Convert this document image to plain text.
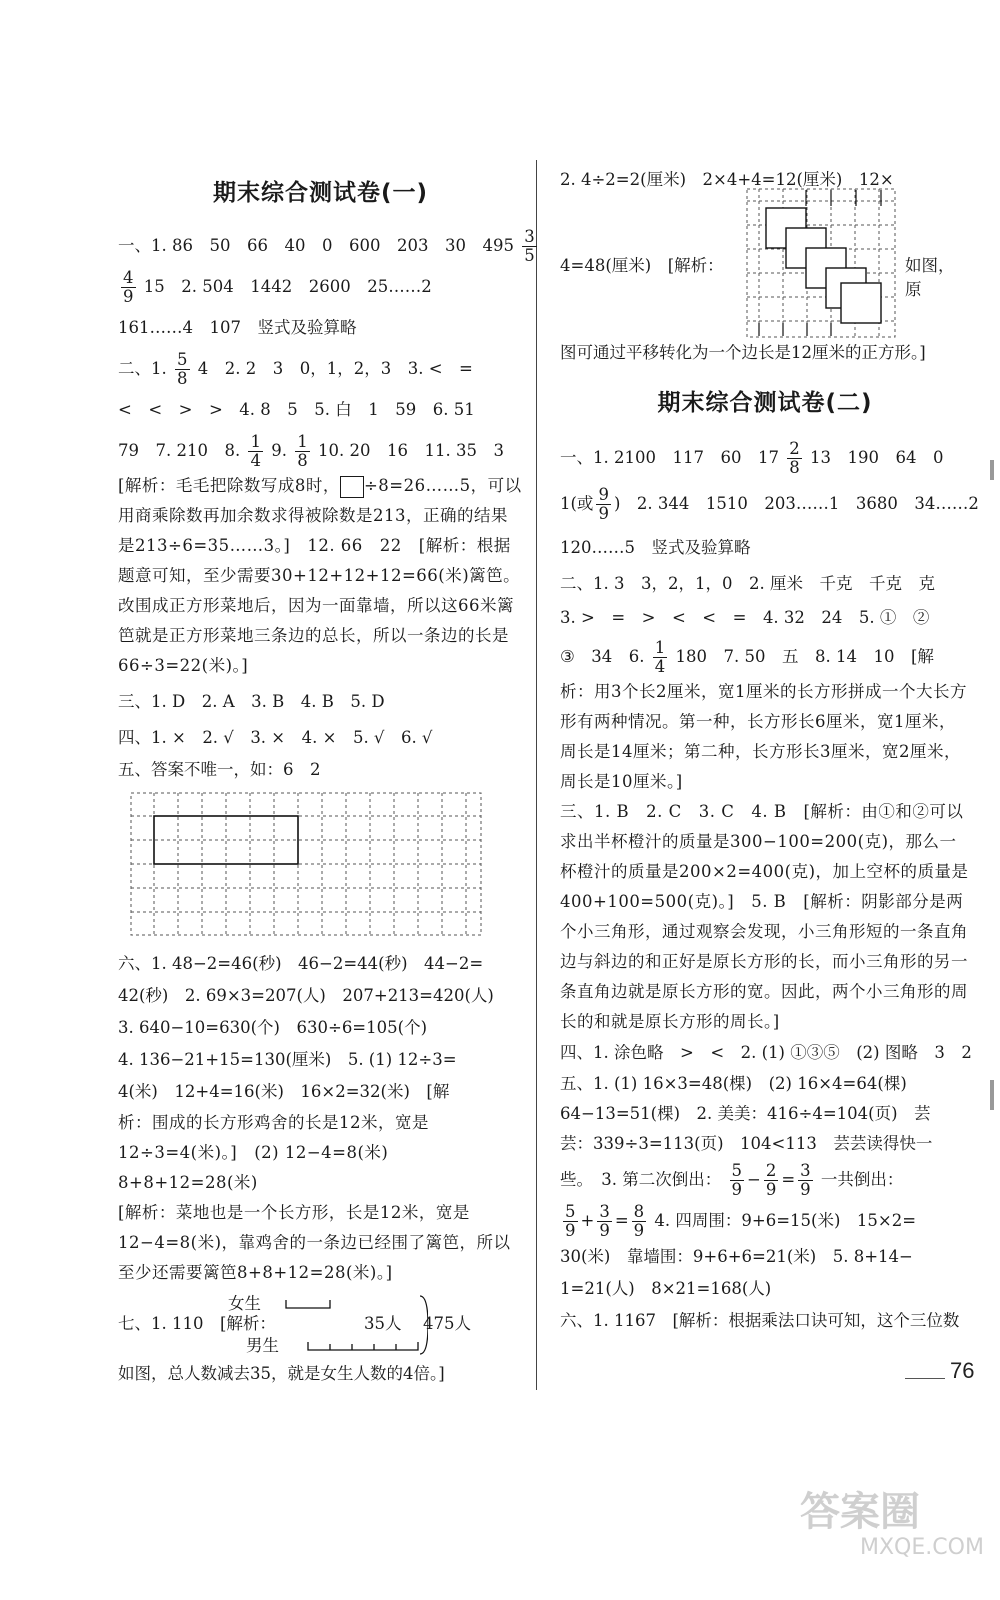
期末综合测试卷(一)
一、1. 86　50　66　40　0　600　203　30　$495 \frac{3}{5}$
$\frac{4}{9} 15$　2. 504　1442　2600　25……2
161……4　107　竖式及验算略
二、1. $\frac{5}{8} 4$　2. 2　3　0，1，2，3　3. <　=
<　<　>　>　4. 8　5　5. 白　1　59　6. 51
79　7. 210　8. $\frac{1}{4} 9$. $\frac{1}{8} 10$. 20　16　11. 35　3
[解析：毛毛把除数写成8时， ÷8=26……5，可以用商乘除数再加余数求得被除数是213，正确的结果是213÷6=35……3。]　12. 66　22　[解析：根据题意可知，至少需要30+12+12+12=66(米)篱笆。改围成正方形菜地后，因为一面靠墙，所以这66米篱笆就是正方形菜地三条边的总长，所以一条边的长是66÷3=22(米)。]
三、1. D　2. A　3. B　4. B　5. D
四、1. ×　2. √　3. ×　4. ×　5. √　6. √
五、答案不唯一，如：6　2
六、1. 48−2=46(秒)　46−2=44(秒)　44−2=
42(秒)　2. 69×3=207(人)　207+213=420(人)
3. 640−10=630(个)　630÷6=105(个)
4. 136−21+15=130(厘米)　5. (1) 12÷3=
4(米)　12+4=16(米)　16×2=32(米)　[解
析：围成的长方形鸡舍的长是12米，宽是12÷3=4(米)。]　(2) 12−4=8(米)　8+8+12=28(米)
[解析：菜地也是一个长方形，长是12米，宽是12−4=8(米)，靠鸡舍的一条边已经围了篱笆，所以至少还需要篱笆8+8+12=28(米)。]
七、1. 110　[解析：
女生
男生
35人 475人
如图，总人数减去35，就是女生人数的4倍。]
2. 4÷2=2(厘米)　2×4+4=12(厘米)　12×
4=48(厘米)　[解析：	如图，原
图可通过平移转化为一个边长是12厘米的正方形。]
期末综合测试卷(二)
一、1. 2100　117　60　$17 \frac{2}{8} 13$　190　64　0
1(或 $\frac{9}{9}$ )　2. 344　1510　203……1　3680　34……2
120……5　竖式及验算略
二、1. 3　3，2，1，0　2. 厘米　千克　千克　克
3. >　=　>　<　<　=　4. 32　24　5. ①　②
③　34　6. $\frac{1}{4} 180$　7. 50　五　8. 14　10　[解
析：用3个长2厘米，宽1厘米的长方形拼成一个大长方形有两种情况。第一种，长方形长6厘米，宽1厘米，周长是14厘米；第二种，长方形长3厘米，宽2厘米，周长是10厘米。]
三、1. B　2. C　3. C　4. B　[解析：由①和②可以求出半杯橙汁的质量是300−100=200(克)，那么一杯橙汁的质量是200×2=400(克)，加上空杯的质量是400+100=500(克)。]　5. B　[解析：阴影部分是两个小三角形，通过观察会发现，小三角形短的一条直角边与斜边的和正好是原长方形的长，而小三角形的另一条直角边就是原长方形的宽。因此，两个小三角形的周长的和就是原长方形的周长。]
四、1. 涂色略　>　<　2. (1) ①③⑤　(2) 图略　3　2
五、1. (1) 16×3=48(棵)　(2) 16×4=64(棵)
64−13=51(棵)　2. 美美：416÷4=104(页)　芸
芸：339÷3=113(页)　104<113　芸芸读得快一
些。　3. 第二次倒出： $\frac{5}{9} - \frac{2}{9} = \frac{3}{9}$ 一共倒出：
$\frac{5}{9} + \frac{3}{9} = \frac{8}{9} 4$. 四周围：9+6=15(米)　15×2=
30(米)　靠墙围：9+6+6=21(米)　5. 8+14−
1=21(人)　8×21=168(人)
六、1. 1167　[解析：根据乘法口诀可知，这个三位数
76
答案圈
MXQE.COM
